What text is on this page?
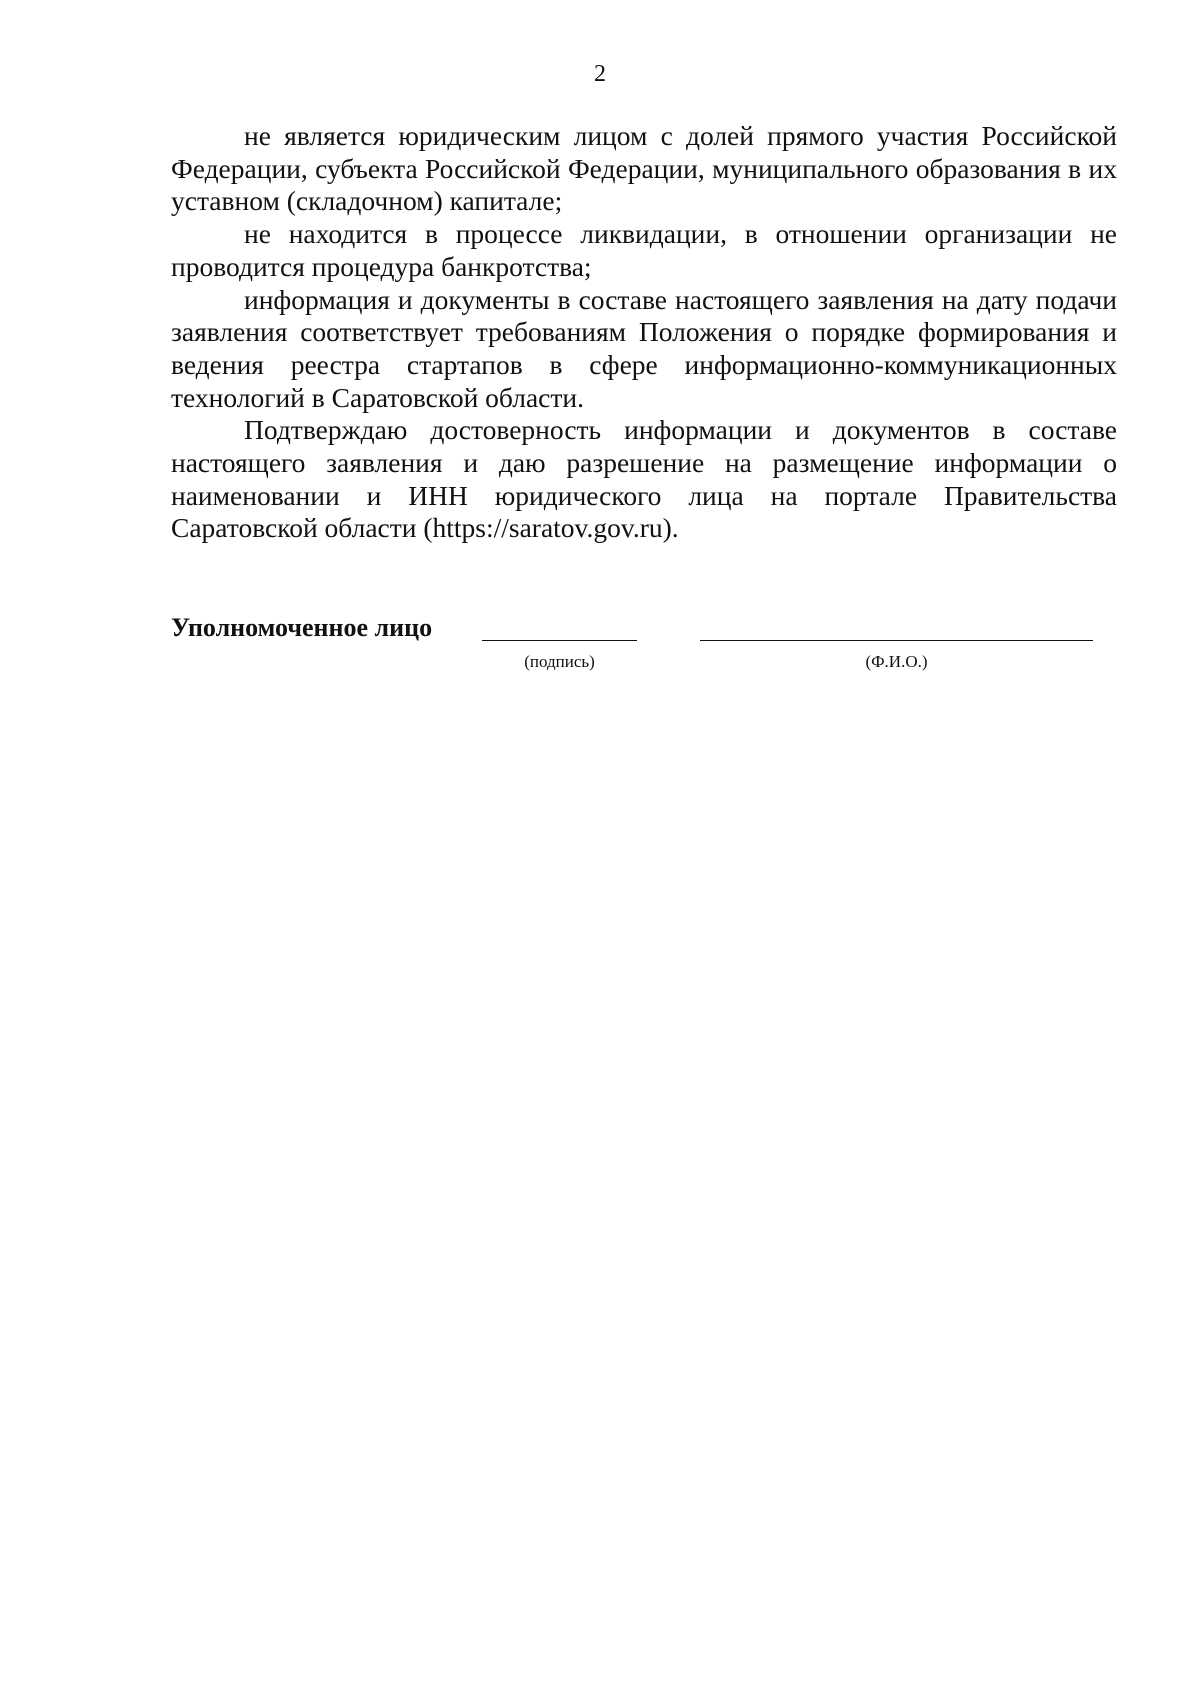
2

не является юридическим лицом с долей прямого участия Российской Федерации, субъекта Российской Федерации, муниципального образования в их уставном (складочном) капитале;

не находится в процессе ликвидации, в отношении организации не проводится процедура банкротства;

информация и документы в составе настоящего заявления на дату подачи заявления соответствует требованиям Положения о порядке формирования и ведения реестра стартапов в сфере информационно-коммуникационных технологий в Саратовской области.

Подтверждаю достоверность информации и документов в составе настоящего заявления и даю разрешение на размещение информации о наименовании и ИНН юридического лица на портале Правительства Саратовской области (https://saratov.gov.ru).

Уполномоченное лицо
(подпись)	(Ф.И.О.)
